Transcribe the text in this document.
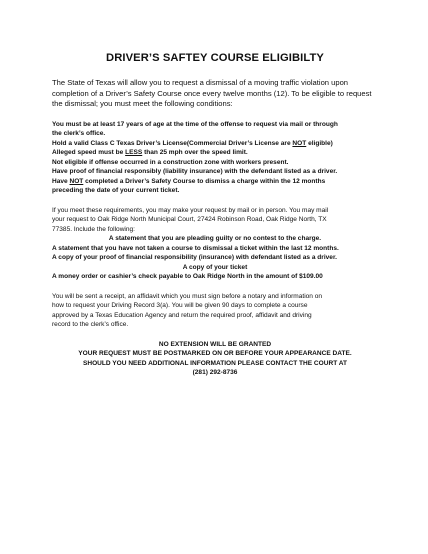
DRIVER’S SAFTEY COURSE ELIGIBILTY

The State of Texas will allow you to request a dismissal of a moving traffic violation upon completion of a Driver’s Safety Course once every twelve months (12). To be eligible to request the dismissal; you must meet the following conditions:

You must be at least 17 years of age at the time of the offense to request via mail or through
the clerk’s office.
Hold a valid Class C Texas Driver’s License(Commercial Driver’s License are NOT eligible)
Alleged speed must be LESS than 25 mph over the speed limit.
Not eligible if offense occurred in a construction zone with workers present.
Have proof of financial responsibly (liability insurance) with the defendant listed as a driver.
Have NOT completed a Driver’s Safety Course to dismiss a charge within the 12 months
preceding the date of your current ticket.
If you meet these requirements, you may make your request by mail or in person. You may mail
your request to Oak Ridge North Municipal Court, 27424 Robinson Road, Oak Ridge North, TX
77385. Include the following:
A statement that you are pleading guilty or no contest to the charge.
A statement that you have not taken a course to dismissal a ticket within the last 12 months.
A copy of your proof of financial responsibility (insurance) with defendant listed as a driver.
A copy of your ticket
A money order or cashier’s check payable to Oak Ridge North in the amount of $109.00
You will be sent a receipt, an affidavit which you must sign before a notary and information on
how to request your Driving Record 3(a). You will be given 90 days to complete a course
approved by a Texas Education Agency and return the required proof, affidavit and driving
record to the clerk’s office.
NO EXTENSION WILL BE GRANTED
YOUR REQUEST MUST BE POSTMARKED ON OR BEFORE YOUR APPEARANCE DATE.
SHOULD YOU NEED ADDITIONAL INFORMATION PLEASE CONTACT THE COURT AT
(281) 292-8736
